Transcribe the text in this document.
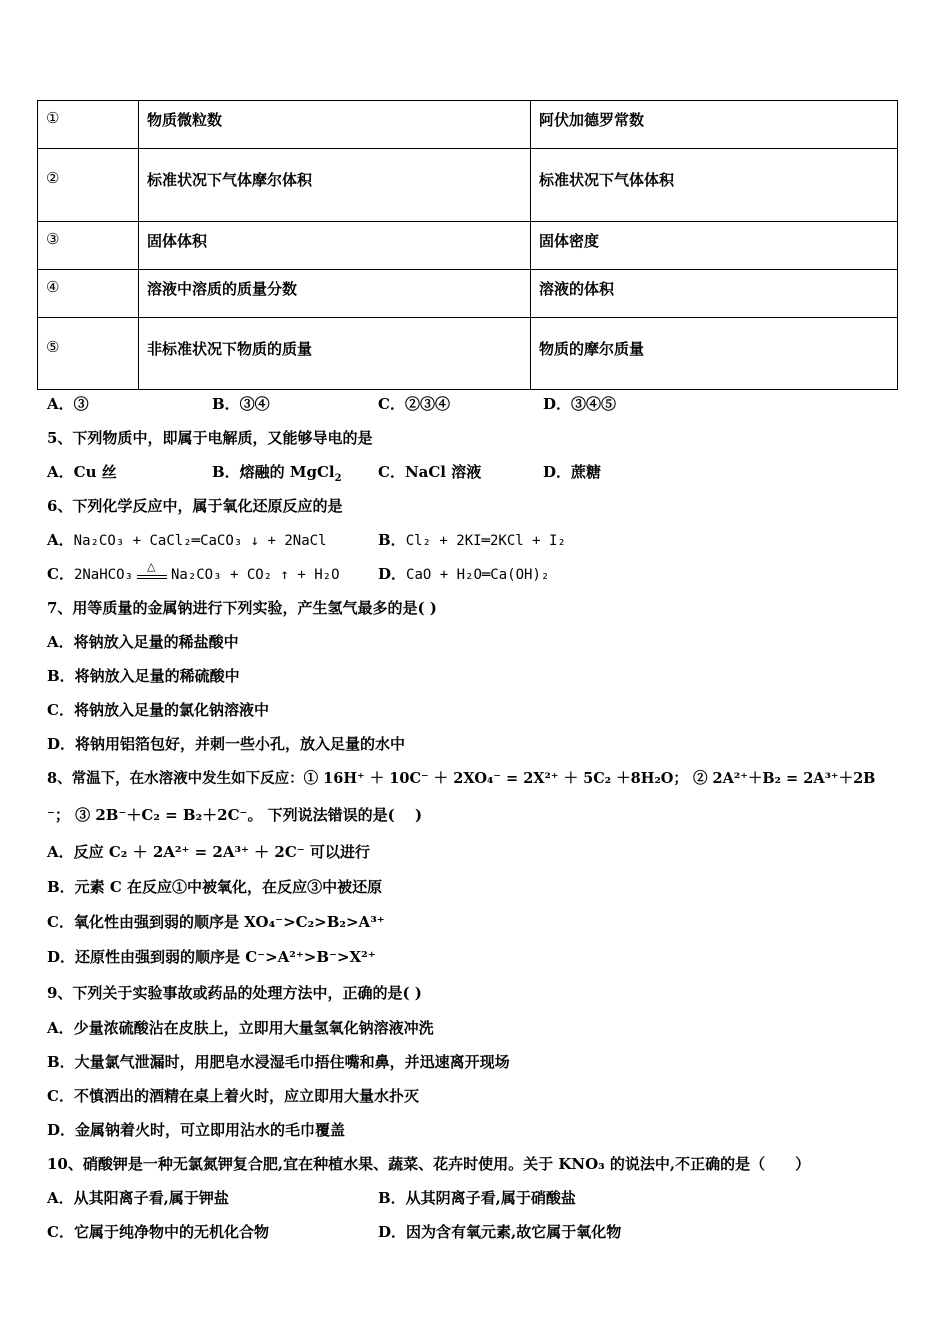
①	物质微粒数	阿伏加德罗常数
②	标准状况下气体摩尔体积	标准状况下气体体积
③	固体体积	固体密度
④	溶液中溶质的质量分数	溶液的体积
⑤	非标准状况下物质的质量	物质的摩尔质量
A．③	B．③④	C．②③④	D．③④⑤
5、下列物质中，即属于电解质，又能够导电的是
A．Cu 丝	B．熔融的 MgCl$_2$ C．NaCl 溶液	D．蔗糖
6、下列化学反应中，属于氧化还原反应的是
A．Na₂CO₃ + CaCl₂═CaCO₃ ↓ + 2NaCl	B．Cl₂ + 2KI═2KCl + I₂
C．2NaHCO₃
△
Na₂CO₃ + CO₂ ↑ + H₂O	D．CaO + H₂O═Ca(OH)₂
7、用等质量的金属钠进行下列实验，产生氢气最多的是( )
A．将钠放入足量的稀盐酸中
B．将钠放入足量的稀硫酸中
C．将钠放入足量的氯化钠溶液中
D．将钠用铝箔包好，并刺一些小孔，放入足量的水中
8、常温下，在水溶液中发生如下反应：① 16H⁺ ＋ 10C⁻ ＋ 2XO₄⁻ = 2X²⁺ ＋ 5C₂ ＋8H₂O； ② 2A²⁺＋B₂ = 2A³⁺＋2B
⁻； ③ 2B⁻＋C₂ = B₂＋2C⁻。 下列说法错误的是(　 )
A．反应 C₂ ＋ 2A²⁺ = 2A³⁺ ＋ 2C⁻ 可以进行
B．元素 C 在反应①中被氧化，在反应③中被还原
C．氧化性由强到弱的顺序是 XO₄⁻>C₂>B₂>A³⁺
D．还原性由强到弱的顺序是 C⁻>A²⁺>B⁻>X²⁺
9、下列关于实验事故或药品的处理方法中，正确的是( )
A．少量浓硫酸沾在皮肤上，立即用大量氢氧化钠溶液冲洗
B．大量氯气泄漏时，用肥皂水浸湿毛巾捂住嘴和鼻，并迅速离开现场
C．不慎洒出的酒精在桌上着火时，应立即用大量水扑灭
D．金属钠着火时，可立即用沾水的毛巾覆盖
10、硝酸钾是一种无氯氮钾复合肥,宜在种植水果、蔬菜、花卉时使用。关于 KNO₃ 的说法中,不正确的是（　　）
A．从其阳离子看,属于钾盐	B．从其阴离子看,属于硝酸盐
C．它属于纯净物中的无机化合物	D．因为含有氧元素,故它属于氧化物
